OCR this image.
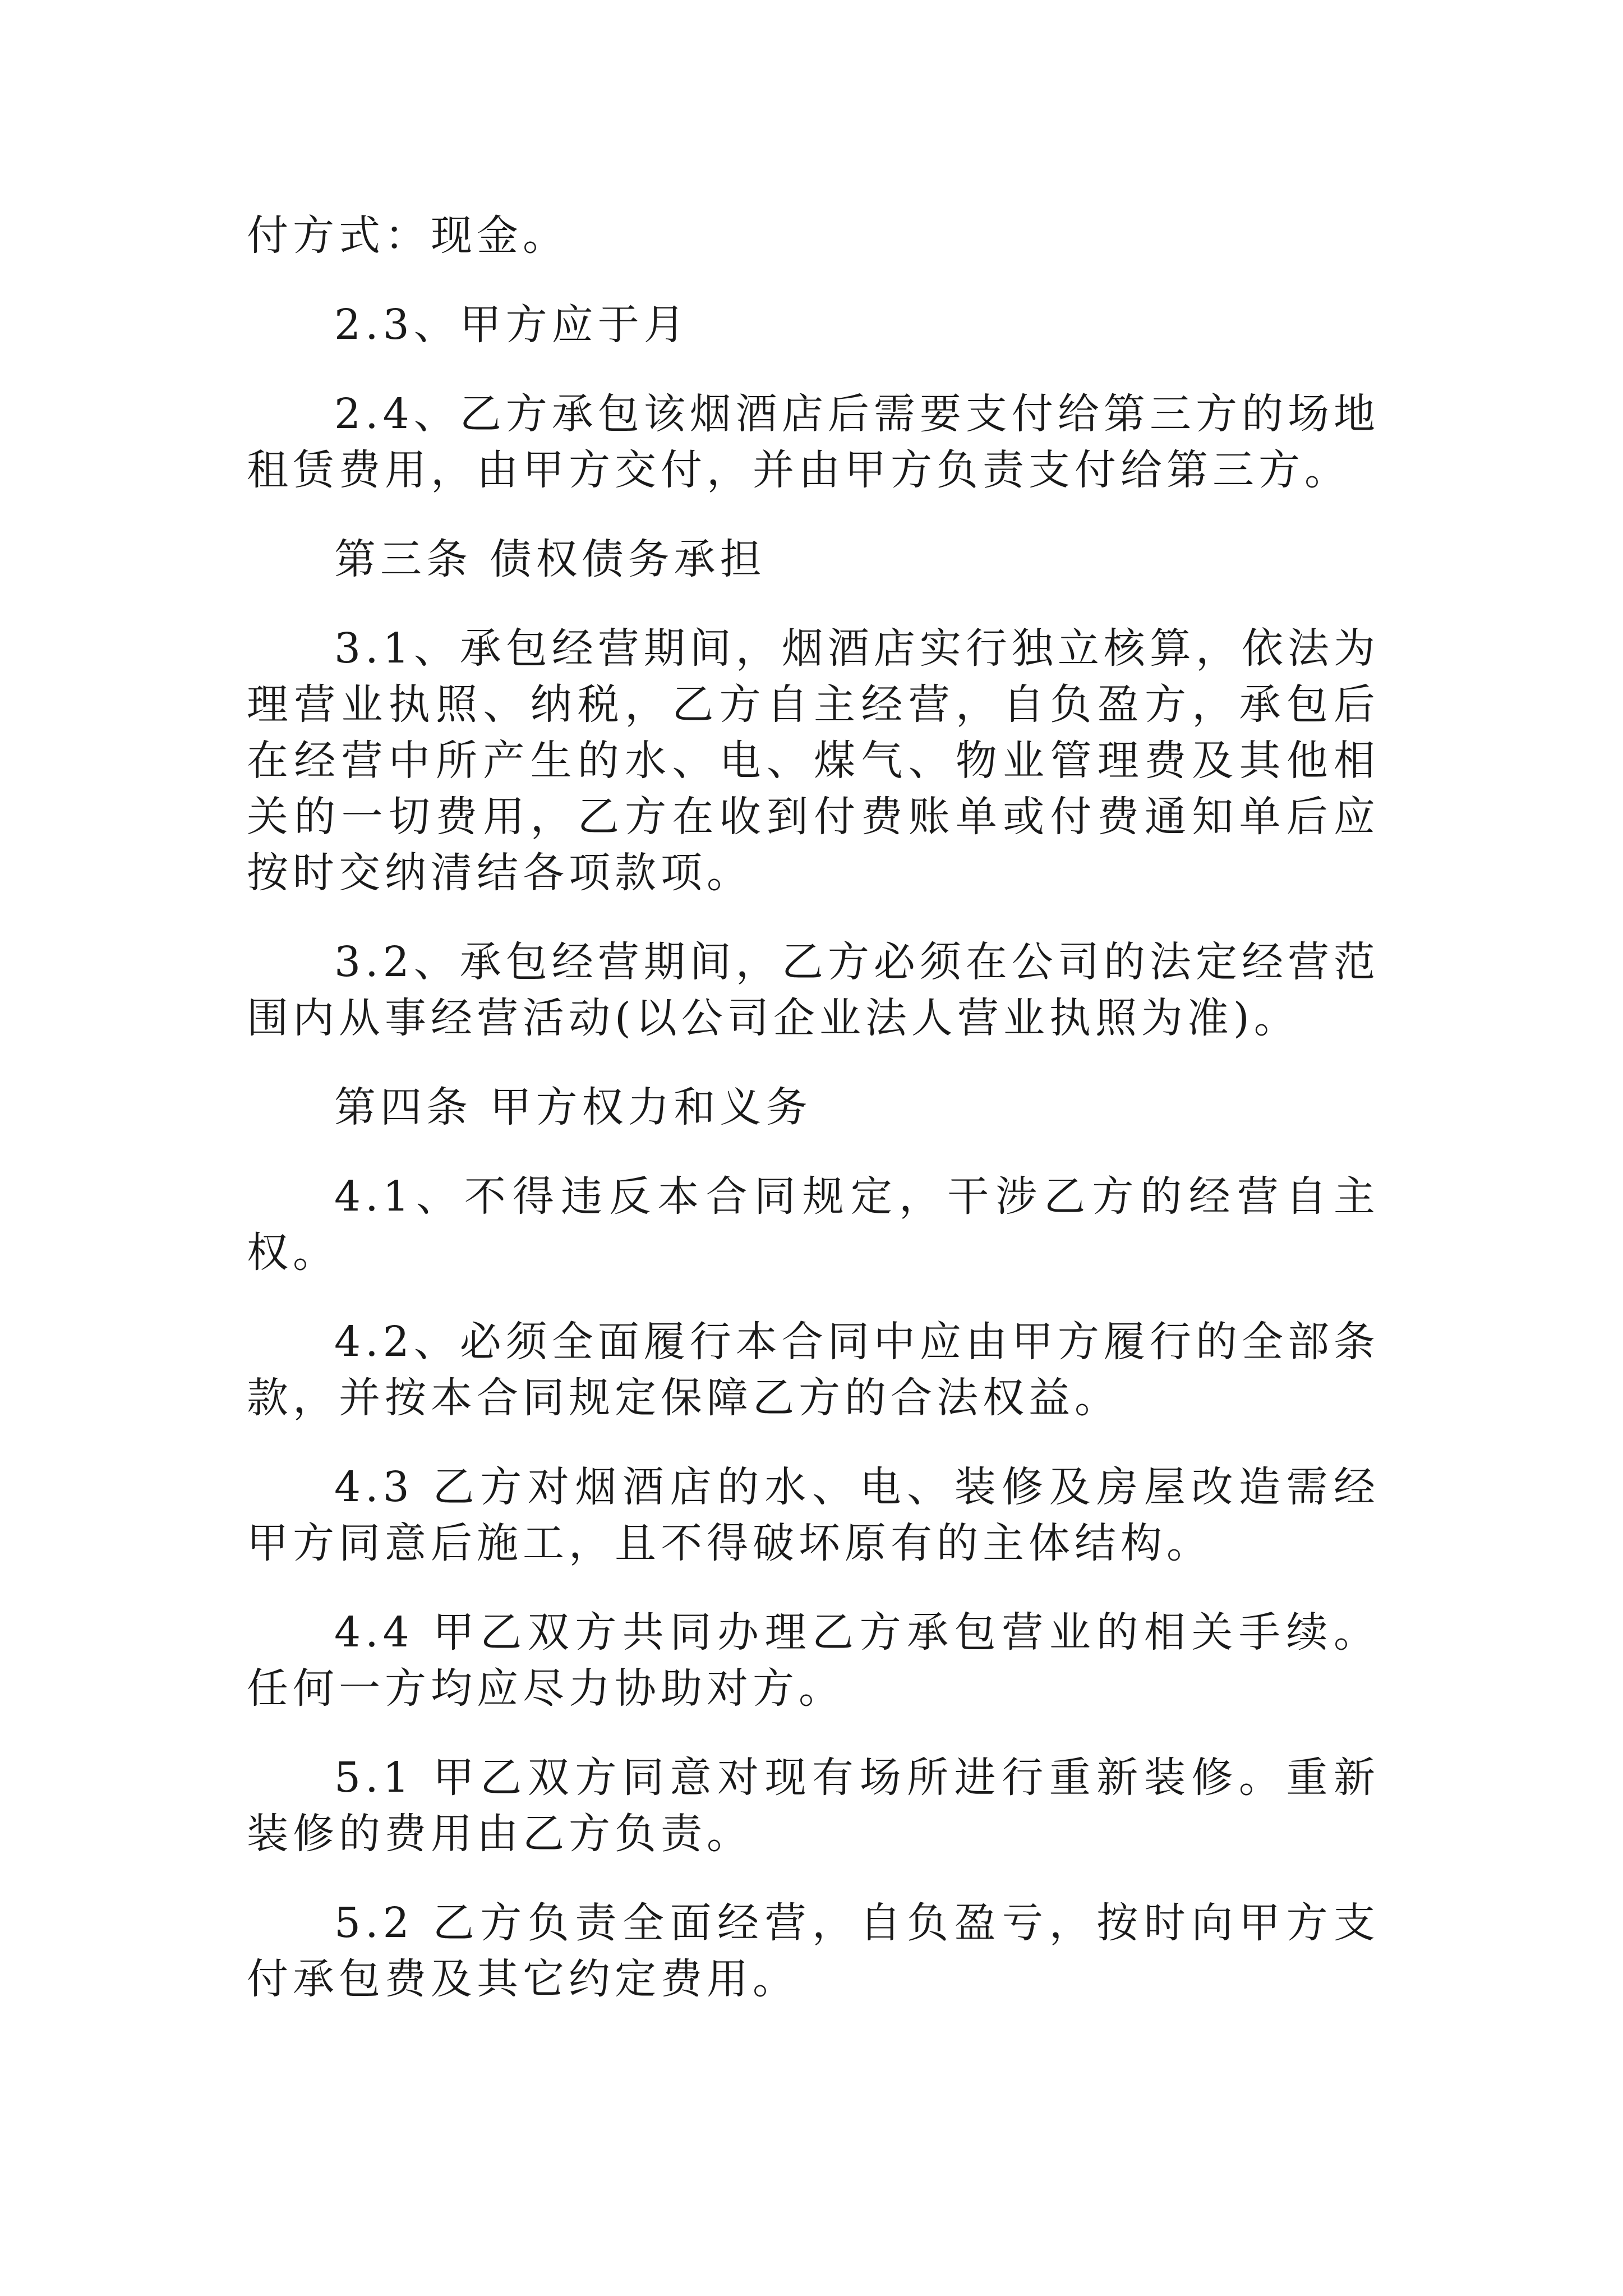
付方式：现金。

2.3、甲方应于月

2.4、乙方承包该烟酒店后需要支付给第三方的场地租赁费用，由甲方交付，并由甲方负责支付给第三方。

第三条 债权债务承担

3.1、承包经营期间，烟酒店实行独立核算，依法为理营业执照、纳税，乙方自主经营，自负盈方，承包后在经营中所产生的水、电、煤气、物业管理费及其他相关的一切费用，乙方在收到付费账单或付费通知单后应按时交纳清结各项款项。

3.2、承包经营期间，乙方必须在公司的法定经营范围内从事经营活动(以公司企业法人营业执照为准)。

第四条 甲方权力和义务

4.1、不得违反本合同规定，干涉乙方的经营自主权。

4.2、必须全面履行本合同中应由甲方履行的全部条款，并按本合同规定保障乙方的合法权益。

4.3 乙方对烟酒店的水、电、装修及房屋改造需经甲方同意后施工，且不得破坏原有的主体结构。

4.4 甲乙双方共同办理乙方承包营业的相关手续。任何一方均应尽力协助对方。

5.1 甲乙双方同意对现有场所进行重新装修。重新装修的费用由乙方负责。

5.2 乙方负责全面经营，自负盈亏，按时向甲方支付承包费及其它约定费用。
